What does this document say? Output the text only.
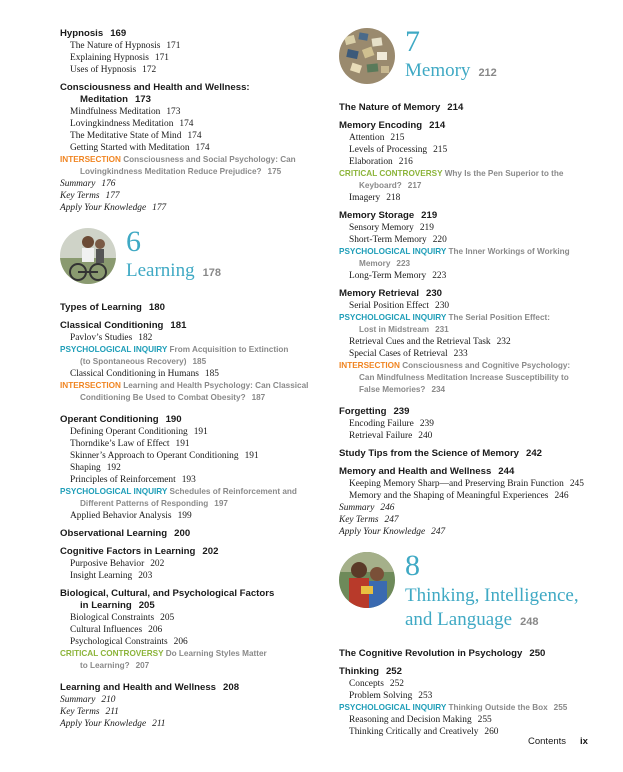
Hypnosis 169
The Nature of Hypnosis 171
Explaining Hypnosis 171
Uses of Hypnosis 172
Consciousness and Health and Wellness:
Meditation 173
Mindfulness Meditation 173
Lovingkindness Meditation 174
The Meditative State of Mind 174
Getting Started with Meditation 174
INTERSECTION Consciousness and Social Psychology: Can
Lovingkindness Meditation Reduce Prejudice? 175
Summary 176
Key Terms 177
Apply Your Knowledge 177
6
Learning 178
Types of Learning 180
Classical Conditioning 181
Pavlov’s Studies 182
PSYCHOLOGICAL INQUIRY From Acquisition to Extinction
(to Spontaneous Recovery) 185
Classical Conditioning in Humans 185
INTERSECTION Learning and Health Psychology: Can Classical
Conditioning Be Used to Combat Obesity? 187
Operant Conditioning 190
Defining Operant Conditioning 191
Thorndike’s Law of Effect 191
Skinner’s Approach to Operant Conditioning 191
Shaping 192
Principles of Reinforcement 193
PSYCHOLOGICAL INQUIRY Schedules of Reinforcement and
Different Patterns of Responding 197
Applied Behavior Analysis 199
Observational Learning 200
Cognitive Factors in Learning 202
Purposive Behavior 202
Insight Learning 203
Biological, Cultural, and Psychological Factors
in Learning 205
Biological Constraints 205
Cultural Influences 206
Psychological Constraints 206
CRITICAL CONTROVERSY Do Learning Styles Matter
to Learning? 207
Learning and Health and Wellness 208
Summary 210
Key Terms 211
Apply Your Knowledge 211
7
Memory 212
The Nature of Memory 214
Memory Encoding 214
Attention 215
Levels of Processing 215
Elaboration 216
CRITICAL CONTROVERSY Why Is the Pen Superior to the
Keyboard? 217
Imagery 218
Memory Storage 219
Sensory Memory 219
Short-Term Memory 220
PSYCHOLOGICAL INQUIRY The Inner Workings of Working
Memory 223
Long-Term Memory 223
Memory Retrieval 230
Serial Position Effect 230
PSYCHOLOGICAL INQUIRY The Serial Position Effect:
Lost in Midstream 231
Retrieval Cues and the Retrieval Task 232
Special Cases of Retrieval 233
INTERSECTION Consciousness and Cognitive Psychology:
Can Mindfulness Meditation Increase Susceptibility to
False Memories? 234
Forgetting 239
Encoding Failure 239
Retrieval Failure 240
Study Tips from the Science of Memory 242
Memory and Health and Wellness 244
Keeping Memory Sharp—and Preserving Brain Function 245
Memory and the Shaping of Meaningful Experiences 246
Summary 246
Key Terms 247
Apply Your Knowledge 247
8
Thinking, Intelligence,
and Language 248
The Cognitive Revolution in Psychology 250
Thinking 252
Concepts 252
Problem Solving 253
PSYCHOLOGICAL INQUIRY Thinking Outside the Box 255
Reasoning and Decision Making 255
Thinking Critically and Creatively 260
Contents ix
